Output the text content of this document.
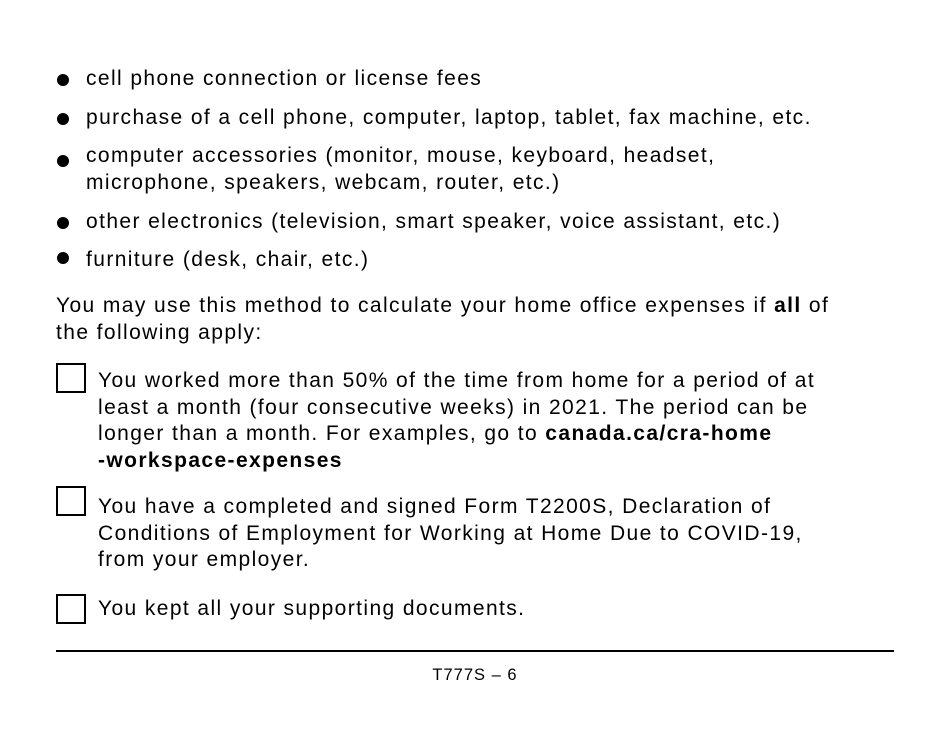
cell phone connection or license fees
purchase of a cell phone, computer, laptop, tablet, fax machine, etc.
computer accessories (monitor, mouse, keyboard, headset,
microphone, speakers, webcam, router, etc.)
other electronics (television, smart speaker, voice assistant, etc.)
furniture (desk, chair, etc.)

You may use this method to calculate your home office expenses if all of
the following apply:

You worked more than 50% of the time from home for a period of at
least a month (four consecutive weeks) in 2021. The period can be
longer than a month. For examples, go to canada.ca/cra-home
-workspace-expenses
You have a completed and signed Form T2200S, Declaration of
Conditions of Employment for Working at Home Due to COVID-19,
from your employer.
You kept all your supporting documents.
T777S – 6
